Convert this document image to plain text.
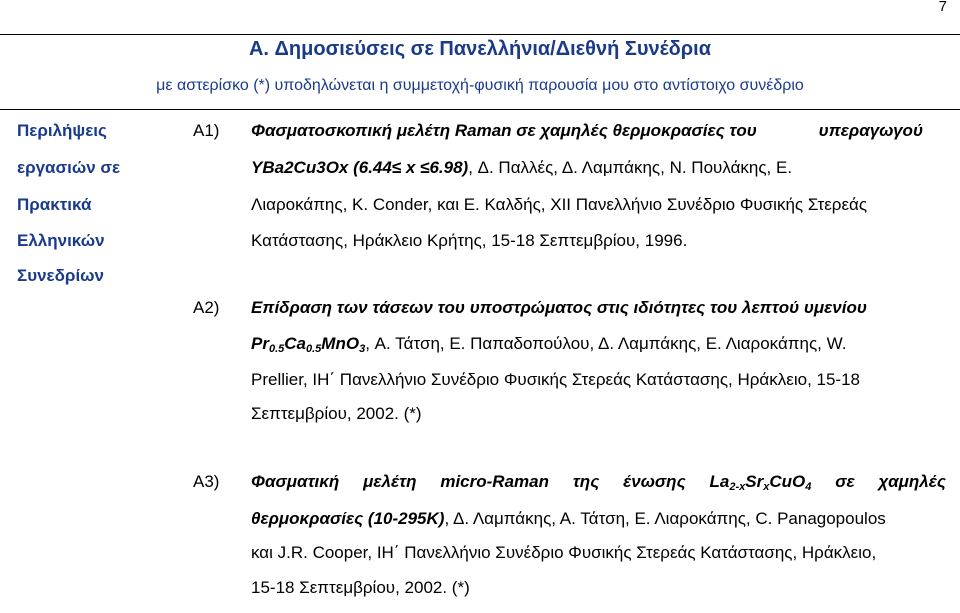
7
A. Δημοσιεύσεις σε Πανελλήνια/Διεθνή Συνέδρια
με αστερίσκο (*) υποδηλώνεται η συμμετοχή-φυσική παρουσία μου στο αντίστοιχο συνέδριο
Περιλήψεις
εργασιών σε
Πρακτικά
Ελληνικών
Συνεδρίων
A1) Φασματοσκοπική μελέτη Raman σε χαμηλές θερμοκρασίες του	υπεραγωγού
YBa2Cu3Ox (6.44≤ x ≤6.98), Δ. Παλλές, Δ. Λαμπάκης, Ν. Πουλάκης, Ε.
Λιαροκάπης, K. Conder, και Ε. Καλδής, XII Πανελλήνιο Συνέδριο Φυσικής Στερεάς
Κατάστασης, Ηράκλειο Κρήτης, 15-18 Σεπτεμβρίου, 1996.
A2) Επίδραση των τάσεων του υποστρώματος στις ιδιότητες του λεπτού υμενίου
$Pr_{0.5}Ca_{0.5}MnO_3$, Α. Τάτση, Ε. Παπαδοπούλου, Δ. Λαμπάκης, Ε. Λιαροκάπης, W.
Prellier, ΙΗ΄ Πανελλήνιο Συνέδριο Φυσικής Στερεάς Κατάστασης, Ηράκλειο, 15-18
Σεπτεμβρίου, 2002. (*)
A3) Φασματική μελέτη micro-Raman της ένωσης $La_{2-x}Sr_xCuO_4$ σε χαμηλές
θερμοκρασίες (10-295K), Δ. Λαμπάκης, Α. Τάτση, Ε. Λιαροκάπης, C. Panagopoulos
και J.R. Cooper, ΙΗ΄ Πανελλήνιο Συνέδριο Φυσικής Στερεάς Κατάστασης, Ηράκλειο,
15-18 Σεπτεμβρίου, 2002. (*)
